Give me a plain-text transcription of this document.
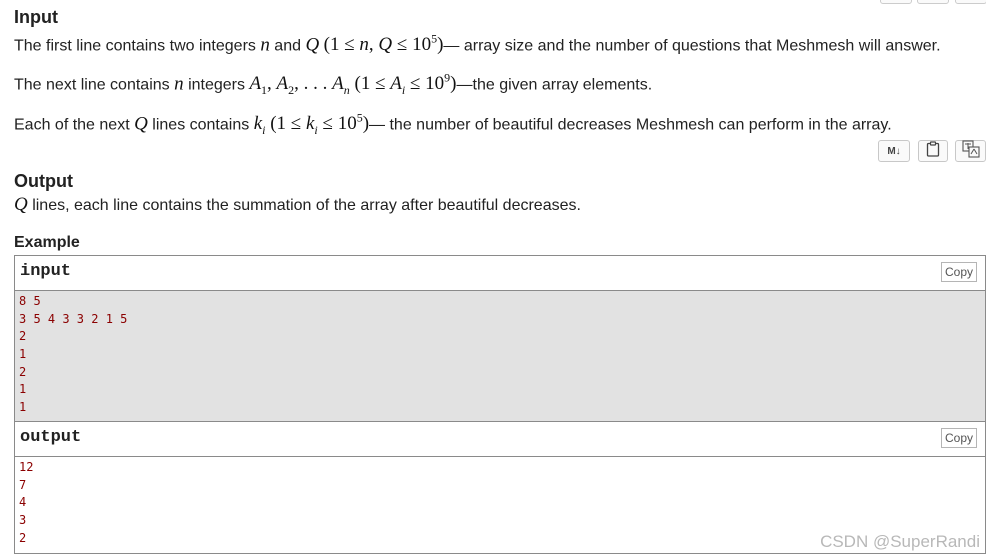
Input
The first line contains two integers n and Q (1 ≤ n, $Q \le 10^5)—$ array size and the number of questions that Meshmesh will answer.
The next line contains n integers $A_1$, $A_2$, . . . $A_n$ ($1 \le A_i$ ≤ $10^9)—the$ given array elements.
Each of the next Q lines contains $k_i$ ($1 \le k_i$ ≤ $10^5)—$ the number of beautiful decreases Meshmesh can perform in the array.
M↓
Output
Q lines, each line contains the summation of the array after beautiful decreases.
Example
input	Copy
8 5
3 5 4 3 3 2 1 5
2
1
2
1
1
output	Copy
12
7
4
3
2	CSDN @SuperRandi
